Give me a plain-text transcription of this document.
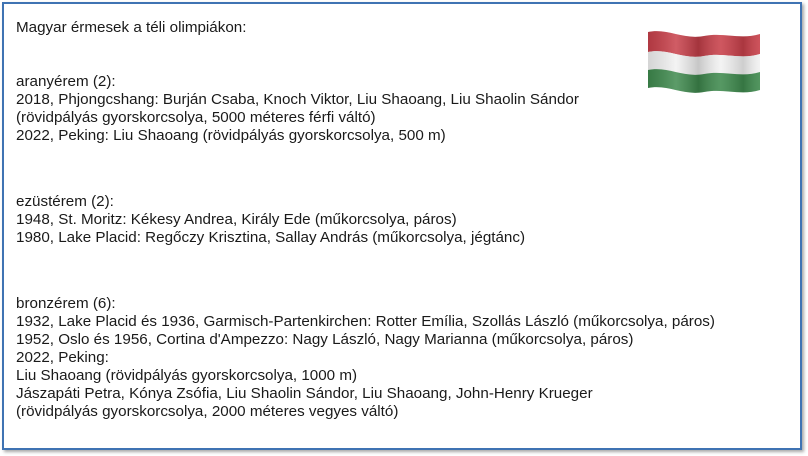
Magyar érmesek a téli olimpiákon:
aranyérem (2):
2018, Phjongcshang: Burján Csaba, Knoch Viktor, Liu Shaoang, Liu Shaolin Sándor
(rövidpályás gyorskorcsolya, 5000 méteres férfi váltó)
2022, Peking: Liu Shaoang (rövidpályás gyorskorcsolya, 500 m)
ezüstérem (2):
1948, St. Moritz: Kékesy Andrea, Király Ede (műkorcsolya, páros)
1980, Lake Placid: Regőczy Krisztina, Sallay András (műkorcsolya, jégtánc)
bronzérem (6):
1932, Lake Placid és 1936, Garmisch-Partenkirchen: Rotter Emília, Szollás László (műkorcsolya, páros)
1952, Oslo és 1956, Cortina d'Ampezzo: Nagy László, Nagy Marianna (műkorcsolya, páros)
2022, Peking:
Liu Shaoang (rövidpályás gyorskorcsolya, 1000 m)
Jászapáti Petra, Kónya Zsófia, Liu Shaolin Sándor, Liu Shaoang, John-Henry Krueger
(rövidpályás gyorskorcsolya, 2000 méteres vegyes váltó)
